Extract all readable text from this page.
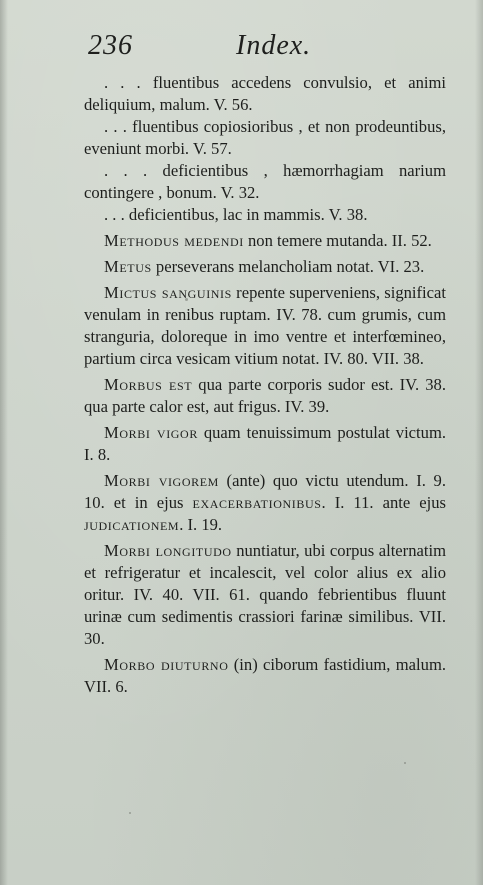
236	Index.

. . . fluentibus accedens convulsio, et animi deliquium, malum. V. 56.

. . . fluentibus copiosioribus , et non prodeuntibus, eveniunt morbi. V. 57.

. . . deficientibus , hæmorrhagiam narium contingere , bonum. V. 32.

. . . deficientibus, lac in mammis. V. 38.

Methodus medendi non temere mutanda. II. 52.

Metus perseverans melancholiam notat. VI. 23.

Mictus sanguinis repente superveniens, significat venulam in renibus ruptam. IV. 78. cum grumis, cum stranguria, doloreque in imo ventre et interfœmineo, partium circa vesicam vitium notat. IV. 80. VII. 38.

Morbus est qua parte corporis sudor est. IV. 38. qua parte calor est, aut frigus. IV. 39.

Morbi vigor quam tenuissimum postulat victum. I. 8.

Morbi vigorem (ante) quo victu utendum. I. 9. 10. et in ejus exacerbationibus. I. 11. ante ejus judicationem. I. 19.

Morbi longitudo nuntiatur, ubi corpus alternatim et refrigeratur et incalescit, vel color alius ex alio oritur. IV. 40. VII. 61. quando febrientibus fluunt urinæ cum sedimentis crassiori farinæ similibus. VII. 30.

Morbo diuturno (in) ciborum fastidium, malum. VII. 6.
